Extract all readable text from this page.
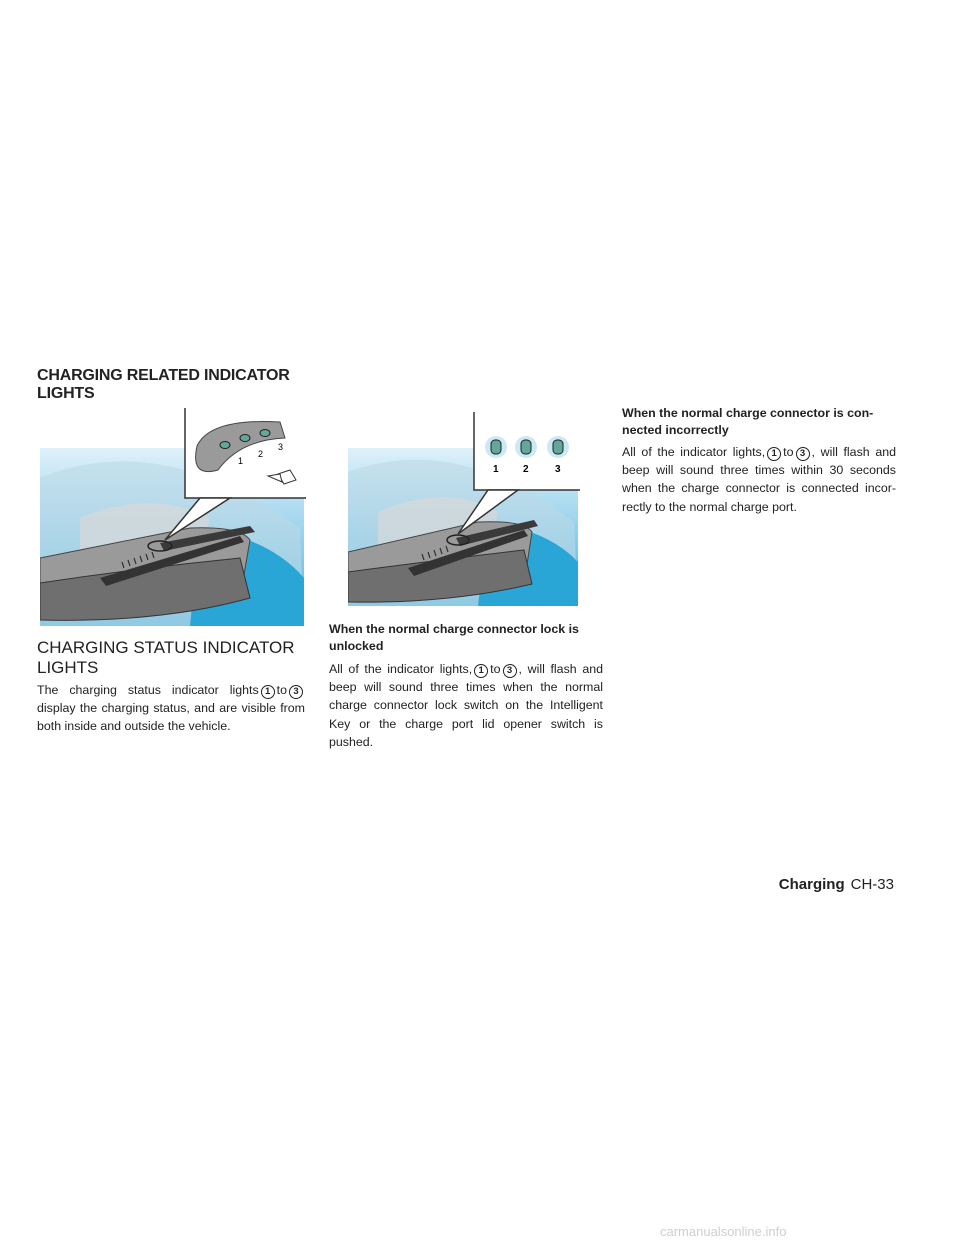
CHARGING RELATED INDICATOR
LIGHTS
1
2
3
CHARGING STATUS INDICATOR
LIGHTS
The charging status indicator lights 1 to 3 display the charging status, and are visible from both inside and outside the vehicle.
1 2	3
When the normal charge connector lock is
unlocked
All of the indicator lights, 1 to 3 , will flash and beep will sound three times when the normal charge connector lock switch on the Intelligent Key or the charge port lid opener switch is pushed.
When the normal charge connector is con-
nected incorrectly
All of the indicator lights, 1 to 3 , will flash and beep will sound three times within 30 seconds when the charge connector is connected incor-rectly to the normal charge port.
Charging CH-33
carmanualsonline.info
